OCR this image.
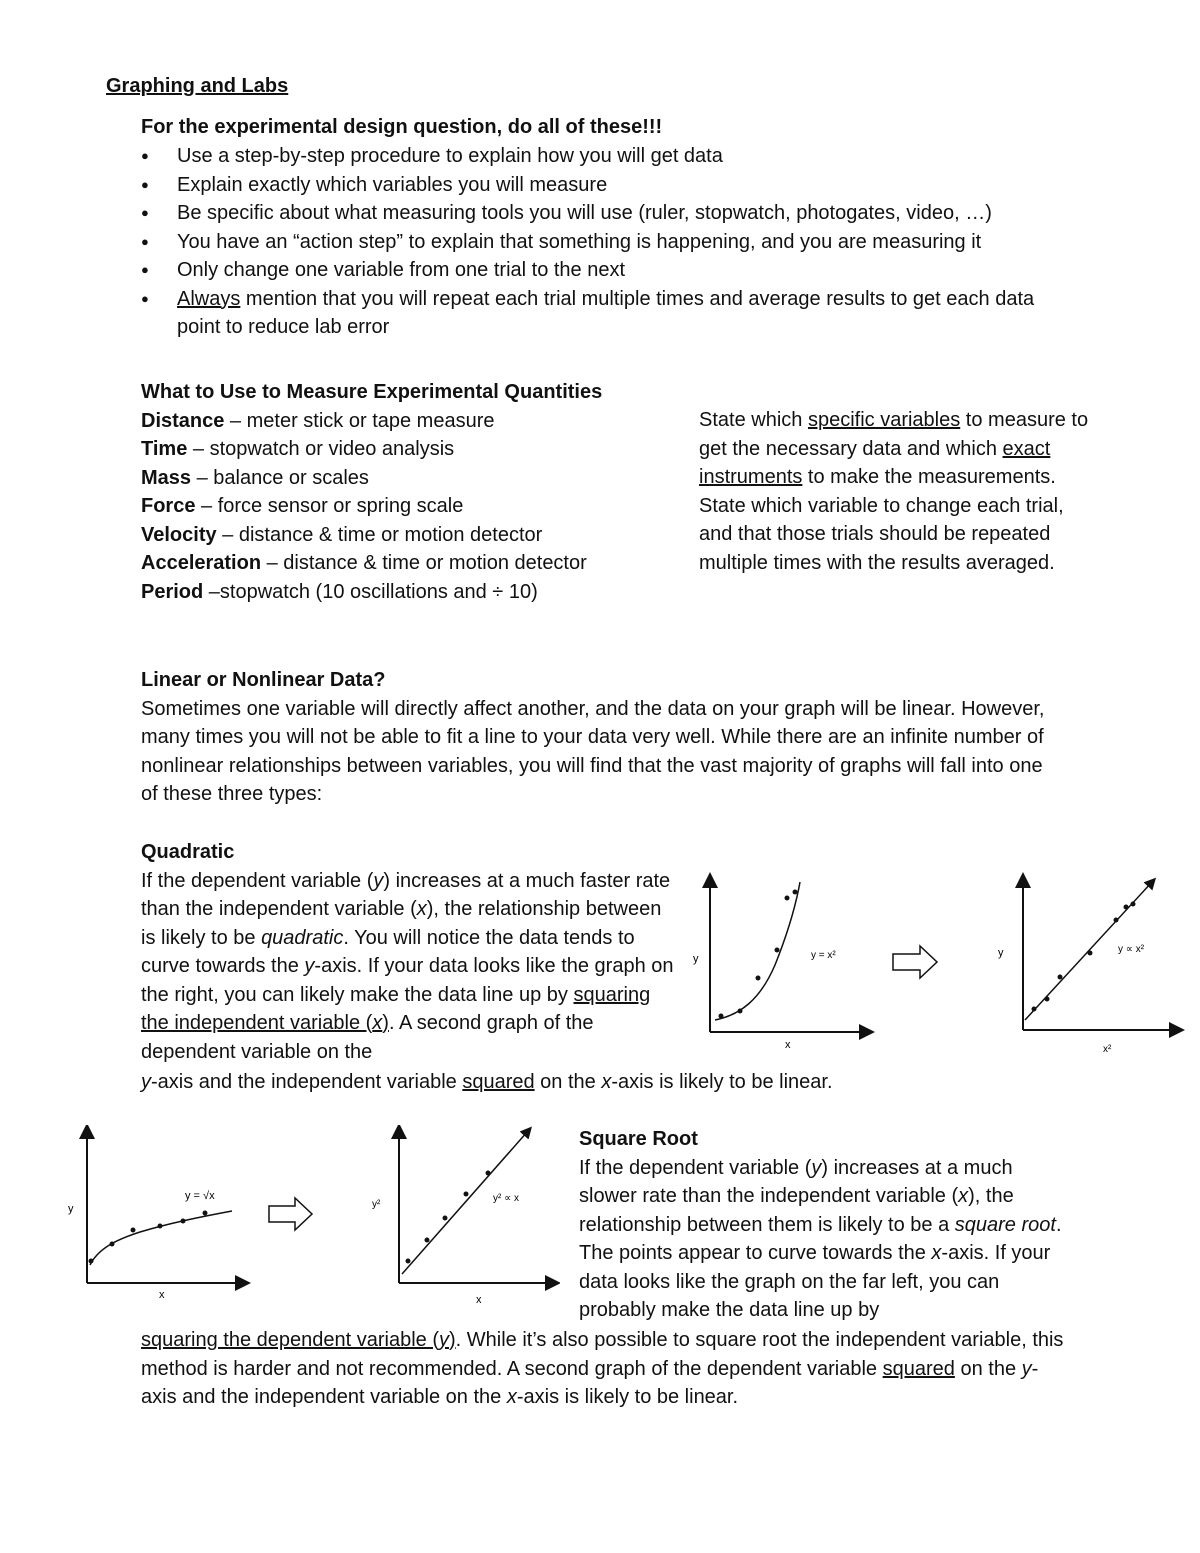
Graphing and Labs
For the experimental design question, do all of these!!!
● Use a step-by-step procedure to explain how you will get data
● Explain exactly which variables you will measure
● Be specific about what measuring tools you will use (ruler, stopwatch, photogates, video, …)
● You have an “action step” to explain that something is happening, and you are measuring it
● Only change one variable from one trial to the next
● Always mention that you will repeat each trial multiple times and average results to get each data point to reduce lab error
What to Use to Measure Experimental Quantities
Distance – meter stick or tape measure
Time – stopwatch or video analysis
Mass – balance or scales
Force – force sensor or spring scale
Velocity – distance & time or motion detector
Acceleration – distance & time or motion detector
Period –stopwatch (10 oscillations and ÷ 10)
State which specific variables to measure to get the necessary data and which exact instruments to make the measurements. State which variable to change each trial, and that those trials should be repeated multiple times with the results averaged.
Linear or Nonlinear Data?

Sometimes one variable will directly affect another, and the data on your graph will be linear. However, many times you will not be able to fit a line to your data very well. While there are an infinite number of nonlinear relationships between variables, you will find that the vast majority of graphs will fall into one of these three types:

Quadratic

If the dependent variable (y) increases at a much faster rate than the independent variable (x), the relationship between is likely to be quadratic. You will notice the data tends to curve towards the y-axis. If your data looks like the graph on the right, you can likely make the data line up by squaring the independent variable (x). A second graph of the dependent variable on the

y-axis and the independent variable squared on the x-axis is likely to be linear.
y
x
y = x²	y
x²
y ∝ x²
y
x
y = √x
y²
x
y² ∝ x
Square Root

If the dependent variable (y) increases at a much slower rate than the independent variable (x), the relationship between them is likely to be a square root. The points appear to curve towards the x-axis. If your data looks like the graph on the far left, you can probably make the data line up by

squaring the dependent variable (y). While it’s also possible to square root the independent variable, this method is harder and not recommended. A second graph of the dependent variable squared on the y-axis and the independent variable on the x-axis is likely to be linear.
